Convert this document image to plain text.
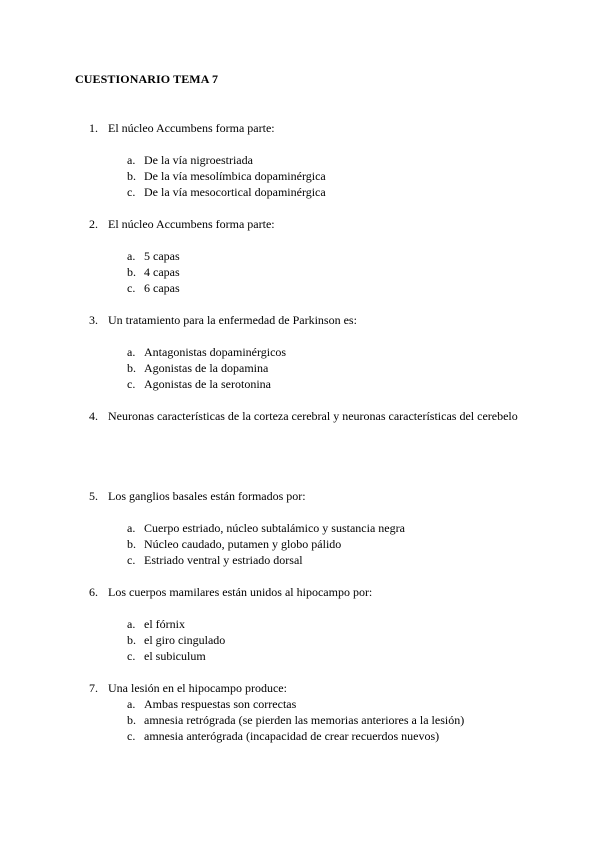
CUESTIONARIO TEMA 7
1. El núcleo Accumbens forma parte:
a. De la vía nigroestriada
b. De la vía mesolímbica dopaminérgica
c. De la vía mesocortical dopaminérgica
2. El núcleo Accumbens forma parte:
a. 5 capas
b. 4 capas
c. 6 capas
3. Un tratamiento para la enfermedad de Parkinson es:
a. Antagonistas dopaminérgicos
b. Agonistas de la dopamina
c. Agonistas de la serotonina
4. Neuronas características de la corteza cerebral y neuronas características del cerebelo
5. Los ganglios basales están formados por:
a. Cuerpo estriado, núcleo subtalámico y sustancia negra
b. Núcleo caudado, putamen y globo pálido
c. Estriado ventral y estriado dorsal
6. Los cuerpos mamilares están unidos al hipocampo por:
a. el fórnix
b. el giro cingulado
c. el subiculum
7. Una lesión en el hipocampo produce:
a. Ambas respuestas son correctas
b. amnesia retrógrada (se pierden las memorias anteriores a la lesión)
c. amnesia anterógrada (incapacidad de crear recuerdos nuevos)
